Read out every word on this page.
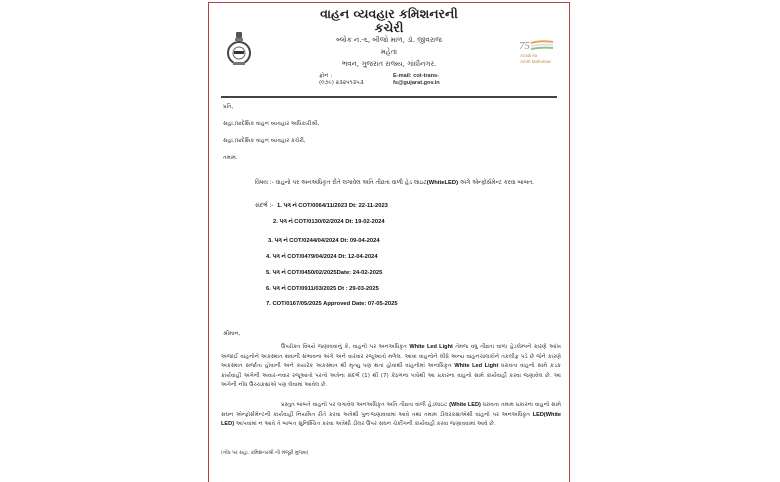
વાહન વ્યવહાર કમિશનરની
કચેરી
બ્લોક નં.-૬, બીજો માળ, ડૉ. જીવરાજ
મહેતા
ભવન, ગુજરાત રાજ્ય, ગાંધીનગર.
ફોન :
(૦૭૯) ૨૩૨૫૧૩૫૩
E-mail: cot-trans-
fs@gujarat.gov.in
75
Azadi ka
Amrit Mahotsav
પ્રતિ,
સહા./પ્રાદેશિક વાહન વ્યવહાર અધિકારીશ્રી,
સહા./પ્રાદેશિક વાહન વ્યવહાર કચેરી,
તમામ.
વિષય :- વાહનો પર અનઅધિકૃત રીતે લગાવેલ અતિ તીવ્રતા વાળી હેડ લાઇટ(WhiteLED) અંગે એન્ફોર્સમેન્ટ કરવા બાબત.
સંદર્ભ :- 1. પત્ર નં COT/0064/11/2023 Dt: 22-11-2023
2. પત્ર નં COT/0130/02/2024 Dt: 19-02-2024
3. પત્ર નં COT/0244/04/2024 Dt: 09-04-2024
4. પત્ર નં COT/0479/04/2024 Dt: 12-04-2024
5. પત્ર નં COT/0450/02/2025Date: 24-02-2025
6. પત્ર નં COT/0911/03/2025 Dt : 29-03-2025
7. COT/0167/05/2025 Approved Date: 07-05-2025
શ્રીમાન,
ઉપરોક્ત વિષયે જણાવવાનું કે, વાહનો પર અનઅધિકૃત White Led Light તેમજ વધુ તીવ્રતા વાળા હેડલેમ્પને કારણે આંખ અંજાઈ વાહનોને અકસ્માત થવાની સંભાવના અંગે અને વારંવાર રજૂઆતો મળેલ. આવા વાહનોને લીધે અન્ય વાહનચાલકોને તકલીફ પડે છે જેને કારણે અકસ્માત સર્જાતા હોવાની અને કયારેક અકસ્માત થી મૃત્યુ પણ થતા હોવાથી વાહનોમાં અનાધિકૃત White Led Light ધરાવતા વાહનો સામે કડક કાર્યવાહી અંગેની અવાર-નવાર રજૂઆતો પરત્વે અત્રેના સંદર્ભ (1) થી (7) કેઠળના પત્રોથી આ પ્રકારના વાહનો સામે કાર્યવાહી કરવા જણાવેલ છે. આ અંગેની નોંધ ઉચ્ચકક્ષાએ પણ લેવામાં આવેલ છે.
પ્રસ્તુત બાબતે વાહનો પર લગાવેલ અનઅધિકૃત અતિ તીવ્રતા વાળી હેડલાઇટ (White LED) ધરાવતા તમામ પ્રકારના વાહનો સામે સઘન એન્ફોર્સમેન્ટની કાર્યવાહી નિયમિત રીતે કરવા અત્રેથી પુનઃજણાવવામાં આવે તથા તમામ ડીલરકક્ષાએથી વાહનો પર અનઅધિકૃત LED(White LED) આપવામાં ન આવે તે બાબત સુનિશ્ચિત કરવા અત્રેથી ડીલર ઉપર સઘન ચેકીંગની કાર્યવાહી કરવા જણાવવામાં આવે છે.
(નોંધ પર સહા. કમિશનરશ્રી ની મંજૂરી મુજબ)
